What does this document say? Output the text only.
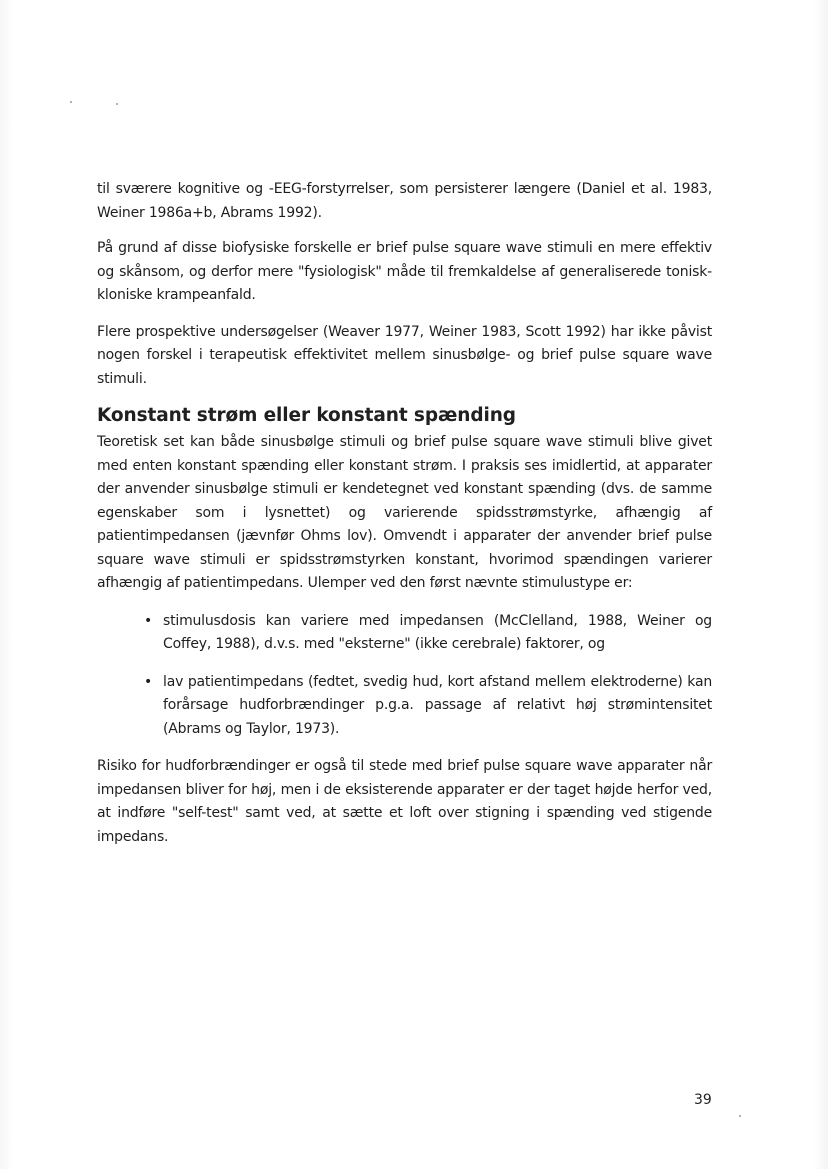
til sværere kognitive og -EEG-forstyrrelser, som persisterer længere (Daniel et al. 1983, Weiner 1986a+b, Abrams 1992).

På grund af disse biofysiske forskelle er brief pulse square wave stimuli en mere effektiv og skånsom, og derfor mere "fysiologisk" måde til fremkaldelse af generaliserede tonisk-kloniske krampeanfald.

Flere prospektive undersøgelser (Weaver 1977, Weiner 1983, Scott 1992) har ikke påvist nogen forskel i terapeutisk effektivitet mellem sinusbølge- og brief pulse square wave stimuli.

Konstant strøm eller konstant spænding

Teoretisk set kan både sinusbølge stimuli og brief pulse square wave stimuli blive givet med enten konstant spænding eller konstant strøm. I praksis ses imidlertid, at apparater der anvender sinusbølge stimuli er kendetegnet ved konstant spænding (dvs. de samme egenskaber som i lysnettet) og varierende spidsstrømstyrke, afhængig af patientimpedansen (jævnfør Ohms lov). Omvendt i apparater der anvender brief pulse square wave stimuli er spidsstrømstyrken konstant, hvorimod spændingen varierer afhængig af patientimpedans. Ulemper ved den først nævnte stimulustype er:

• stimulusdosis kan variere med impedansen (McClelland, 1988, Weiner og Coffey, 1988), d.v.s. med "eksterne" (ikke cerebrale) faktorer, og
• lav patientimpedans (fedtet, svedig hud, kort afstand mellem elektroderne) kan forårsage hudforbrændinger p.g.a. passage af relativt høj strømintensitet (Abrams og Taylor, 1973).

Risiko for hudforbrændinger er også til stede med brief pulse square wave apparater når impedansen bliver for høj, men i de eksisterende apparater er der taget højde herfor ved, at indføre "self-test" samt ved, at sætte et loft over stigning i spænding ved stigende impedans.

39
